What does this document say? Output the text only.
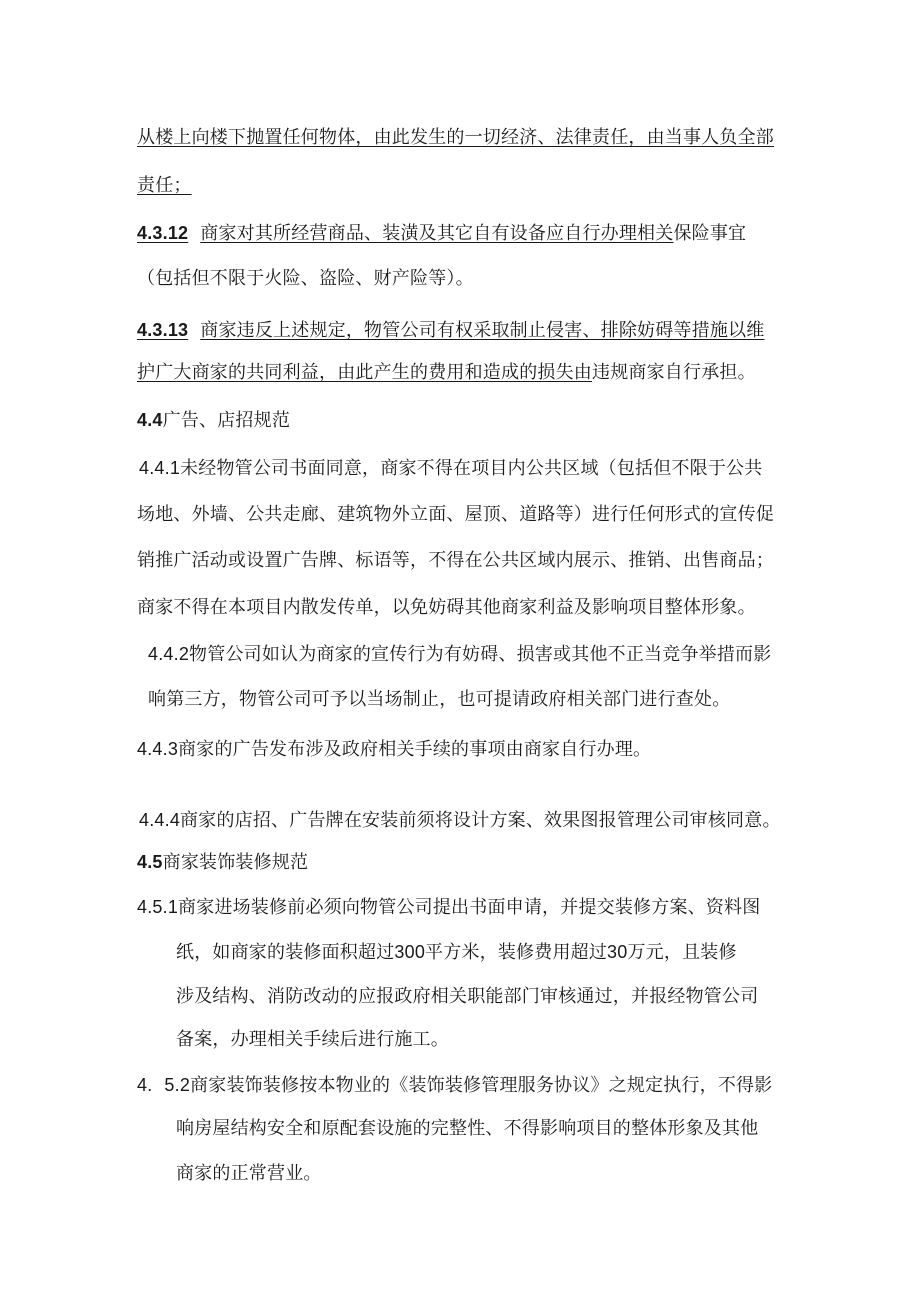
从楼上向楼下抛置任何物体，由此发生的一切经济、法律责任，由当事人负全部

责任；

4.3.12 商家对其所经营商品、装潢及其它自有设备应自行办理相关保险事宜

（包括但不限于火险、盗险、财产险等）。

4.3.13 商家违反上述规定，物管公司有权采取制止侵害、排除妨碍等措施以维

护广大商家的共同利益，由此产生的费用和造成的损失由违规商家自行承担。

4.4广告、店招规范

4.4.1未经物管公司书面同意，商家不得在项目内公共区域（包括但不限于公共

场地、外墙、公共走廊、建筑物外立面、屋顶、道路等）进行任何形式的宣传促

销推广活动或设置广告牌、标语等，不得在公共区域内展示、推销、出售商品；

商家不得在本项目内散发传单，以免妨碍其他商家利益及影响项目整体形象。

4.4.2物管公司如认为商家的宣传行为有妨碍、损害或其他不正当竞争举措而影

响第三方，物管公司可予以当场制止，也可提请政府相关部门进行查处。

4.4.3商家的广告发布涉及政府相关手续的事项由商家自行办理。

4.4.4商家的店招、广告牌在安装前须将设计方案、效果图报管理公司审核同意。

4.5商家装饰装修规范

4.5.1商家进场装修前必须向物管公司提出书面申请，并提交装修方案、资料图

纸，如商家的装修面积超过300平方米，装修费用超过30万元，且装修

涉及结构、消防改动的应报政府相关职能部门审核通过，并报经物管公司

备案，办理相关手续后进行施工。

4. 5.2商家装饰装修按本物业的《装饰装修管理服务协议》之规定执行，不得影

响房屋结构安全和原配套设施的完整性、不得影响项目的整体形象及其他

商家的正常营业。
